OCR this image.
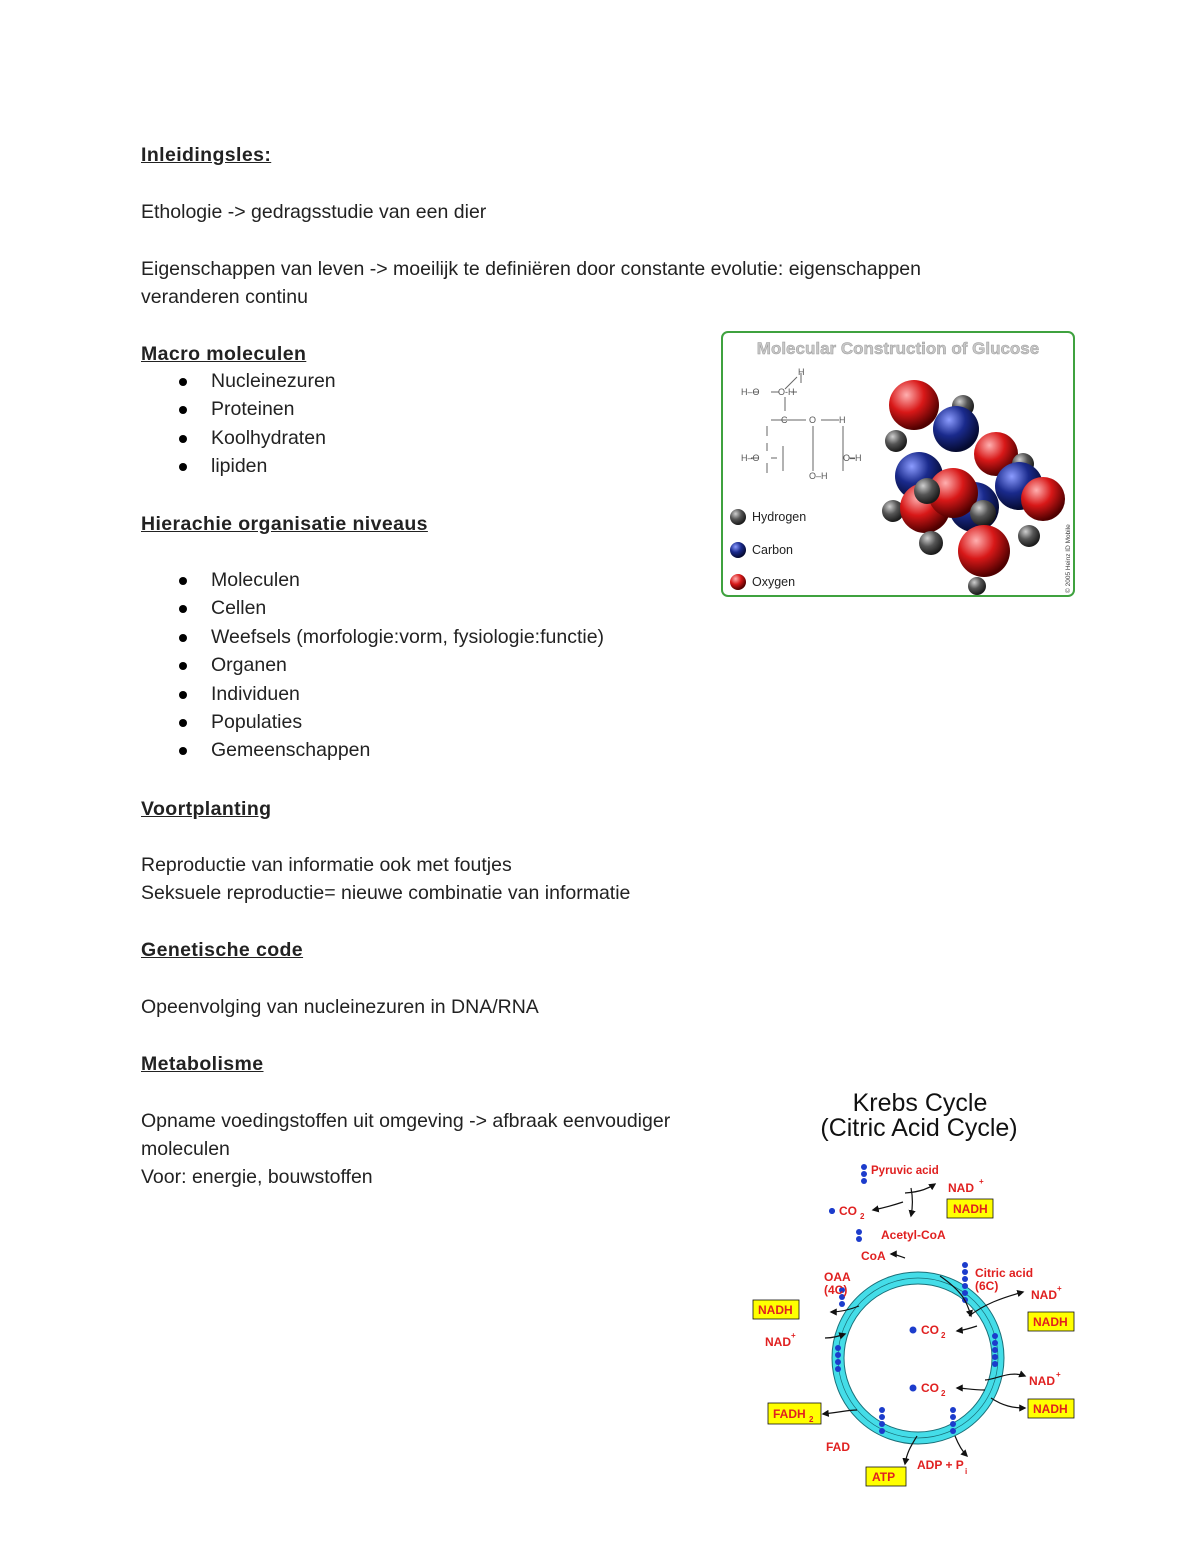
Inleidingsles:
Ethologie -> gedragsstudie van een dier
Eigenschappen van leven -> moeilijk te definiëren door constante evolutie: eigenschappen
veranderen continu
Macro moleculen
Nucleinezuren
Proteinen
Koolhydraten
lipiden
Hierachie organisatie niveaus
Moleculen
Cellen
Weefsels (morfologie:vorm, fysiologie:functie)
Organen
Individuen
Populaties
Gemeenschappen
Voortplanting
Reproductie van informatie ook met foutjes
Seksuele reproductie= nieuwe combinatie van informatie
Genetische code
Opeenvolging van nucleinezuren in DNA/RNA
Metabolisme
Opname voedingstoffen uit omgeving -> afbraak eenvoudiger
moleculen
Voor: energie, bouwstoffen
Molecular Construction of Glucose
H–O O-H
H
C O	H
H–O	O–H
O–H
Hydrogen
Carbon
Oxygen	© 2005 Heinz ID Mobile
Krebs Cycle
(Citric Acid Cycle)
Pyruvic acid
NAD +
NADH
CO 2
Acetyl-CoA
CoA
Citric acid
(6C)
OAA
(4C)
NADH
NAD +
NADH
CO 2
NAD +
CO 2
NAD +
NADH
FADH 2
FAD
ATP
ADP + P i
